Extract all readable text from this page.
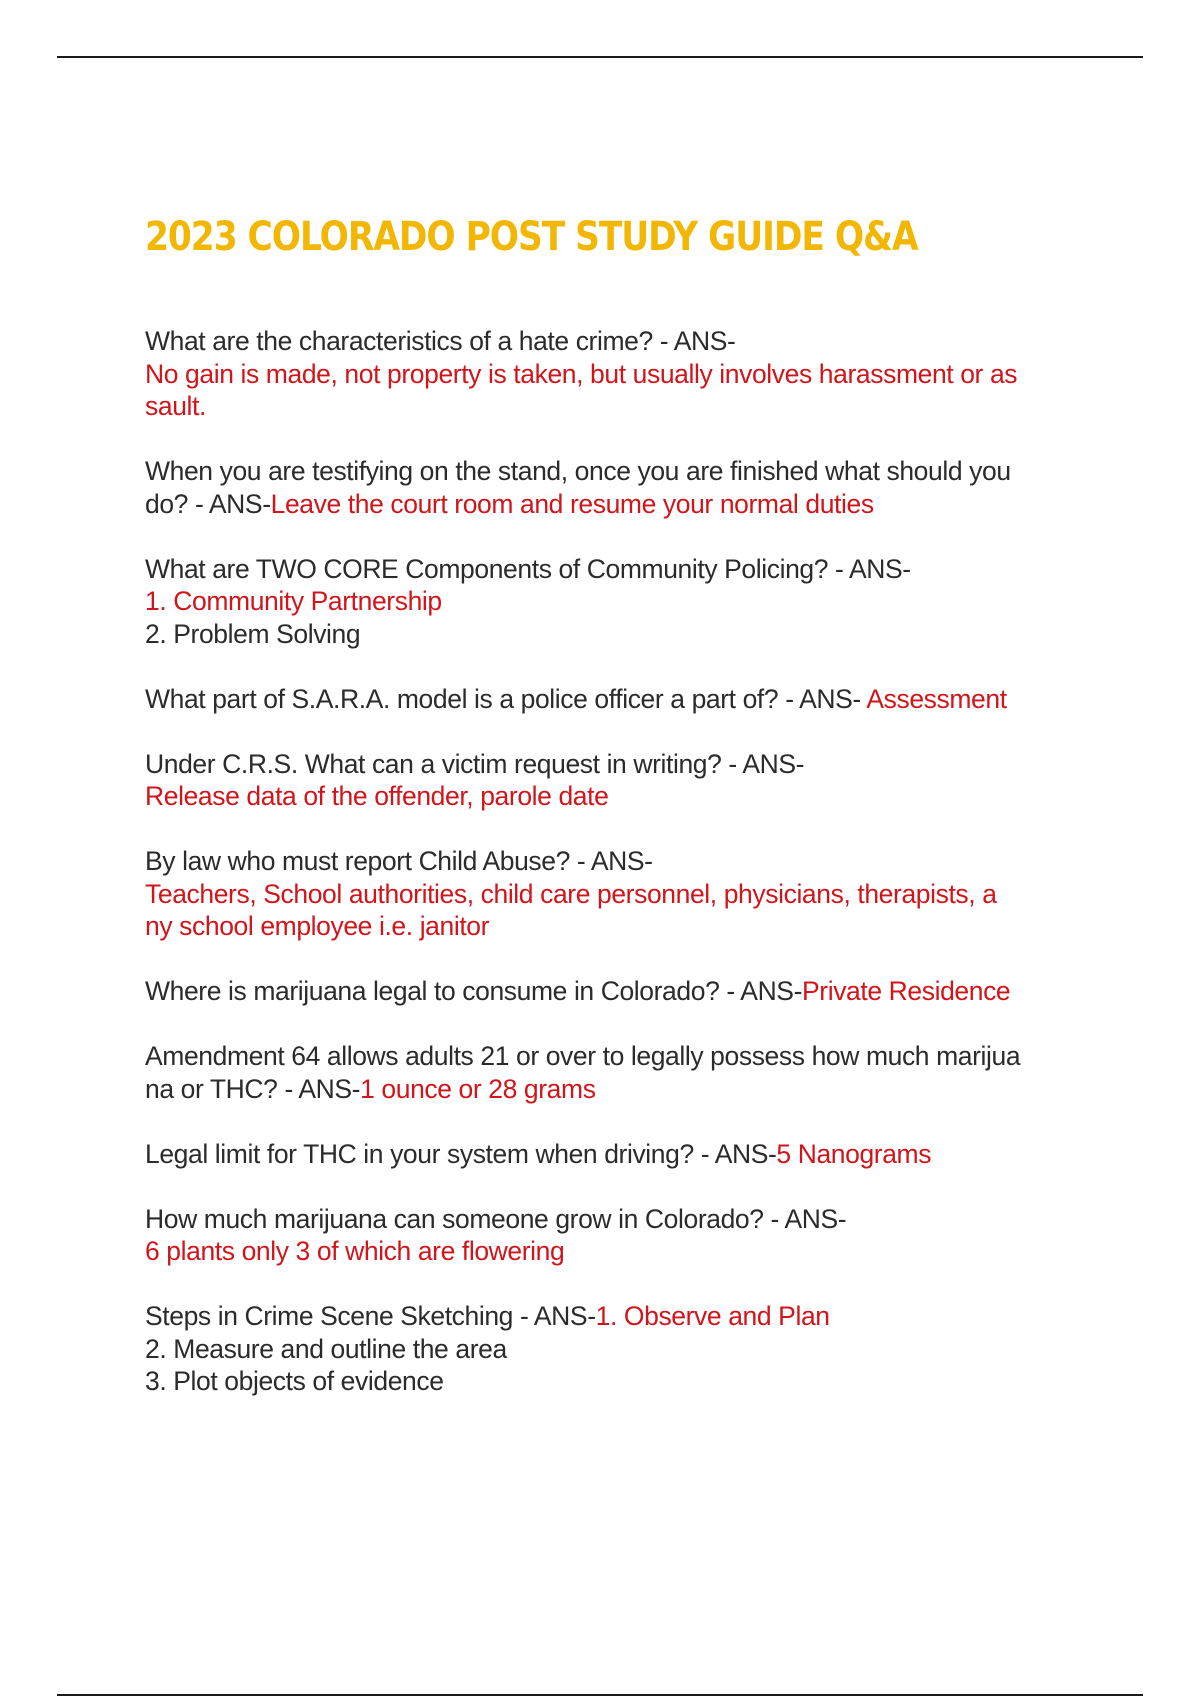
2023 COLORADO POST STUDY GUIDE Q&A
What are the characteristics of a hate crime? - ANS-
No gain is made, not property is taken, but usually involves harassment or as
sault.
When you are testifying on the stand, once you are finished what should you
do? - ANS-Leave the court room and resume your normal duties
What are TWO CORE Components of Community Policing? - ANS-
1. Community Partnership
2. Problem Solving
What part of S.A.R.A. model is a police officer a part of? - ANS- Assessment
Under C.R.S. What can a victim request in writing? - ANS-
Release data of the offender, parole date
By law who must report Child Abuse? - ANS-
Teachers, School authorities, child care personnel, physicians, therapists, a
ny school employee i.e. janitor
Where is marijuana legal to consume in Colorado? - ANS-Private Residence
Amendment 64 allows adults 21 or over to legally possess how much marijua
na or THC? - ANS-1 ounce or 28 grams
Legal limit for THC in your system when driving? - ANS-5 Nanograms
How much marijuana can someone grow in Colorado? - ANS-
6 plants only 3 of which are flowering
Steps in Crime Scene Sketching - ANS-1. Observe and Plan
2. Measure and outline the area
3. Plot objects of evidence
